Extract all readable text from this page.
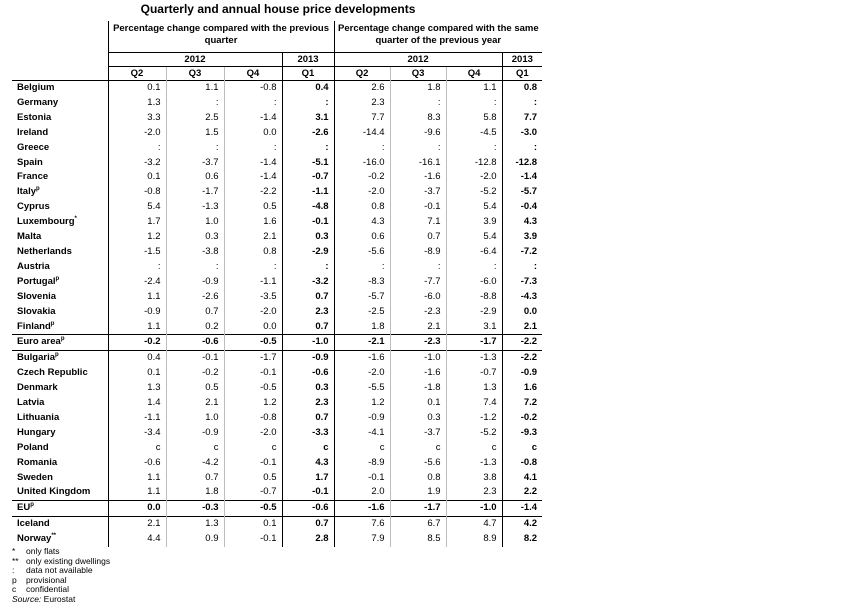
Quarterly and annual house price developments
	Percentage change compared with the previous quarter				Percentage change compared with the same quarter of the previous year			
	2012			2013	2012			2013
	Q2	Q3	Q4	Q1	Q2	Q3	Q4	Q1
Belgium	0.1	1.1	-0.8	0.4	2.6	1.8	1.1	0.8
Germany	1.3	:	:	:	2.3	:	:	:
Estonia	3.3	2.5	-1.4	3.1	7.7	8.3	5.8	7.7
Ireland	-2.0	1.5	0.0	-2.6	-14.4	-9.6	-4.5	-3.0
Greece	:	:	:	:	:	:	:	:
Spain	-3.2	-3.7	-1.4	-5.1	-16.0	-16.1	-12.8	-12.8
France	0.1	0.6	-1.4	-0.7	-0.2	-1.6	-2.0	-1.4
Italy$^p$	-0.8	-1.7	-2.2	-1.1	-2.0	-3.7	-5.2	-5.7
Cyprus	5.4	-1.3	0.5	-4.8	0.8	-0.1	5.4	-0.4
Luxembourg*	1.7	1.0	1.6	-0.1	4.3	7.1	3.9	4.3
Malta	1.2	0.3	2.1	0.3	0.6	0.7	5.4	3.9
Netherlands	-1.5	-3.8	0.8	-2.9	-5.6	-8.9	-6.4	-7.2
Austria	:	:	:	:	:	:	:	:
Portugal$^p$	-2.4	-0.9	-1.1	-3.2	-8.3	-7.7	-6.0	-7.3
Slovenia	1.1	-2.6	-3.5	0.7	-5.7	-6.0	-8.8	-4.3
Slovakia	-0.9	0.7	-2.0	2.3	-2.5	-2.3	-2.9	0.0
Finland$^p$	1.1	0.2	0.0	0.7	1.8	2.1	3.1	2.1
Euro area$^p$	-0.2	-0.6	-0.5	-1.0	-2.1	-2.3	-1.7	-2.2
Bulgaria$^p$	0.4	-0.1	-1.7	-0.9	-1.6	-1.0	-1.3	-2.2
Czech Republic	0.1	-0.2	-0.1	-0.6	-2.0	-1.6	-0.7	-0.9
Denmark	1.3	0.5	-0.5	0.3	-5.5	-1.8	1.3	1.6
Latvia	1.4	2.1	1.2	2.3	1.2	0.1	7.4	7.2
Lithuania	-1.1	1.0	-0.8	0.7	-0.9	0.3	-1.2	-0.2
Hungary	-3.4	-0.9	-2.0	-3.3	-4.1	-3.7	-5.2	-9.3
Poland	c	c	c	c	c	c	c	c
Romania	-0.6	-4.2	-0.1	4.3	-8.9	-5.6	-1.3	-0.8
Sweden	1.1	0.7	0.5	1.7	-0.1	0.8	3.8	4.1
United Kingdom	1.1	1.8	-0.7	-0.1	2.0	1.9	2.3	2.2
$EU^p$	0.0	-0.3	-0.5	-0.6	-1.6	-1.7	-1.0	-1.4
Iceland	2.1	1.3	0.1	0.7	7.6	6.7	4.7	4.2
Norway**	4.4	0.9	-0.1	2.8	7.9	8.5	8.9	8.2
*	only flats
** only existing dwellings
:	data not available
p	provisional
c	confidential
Source: Eurostat
